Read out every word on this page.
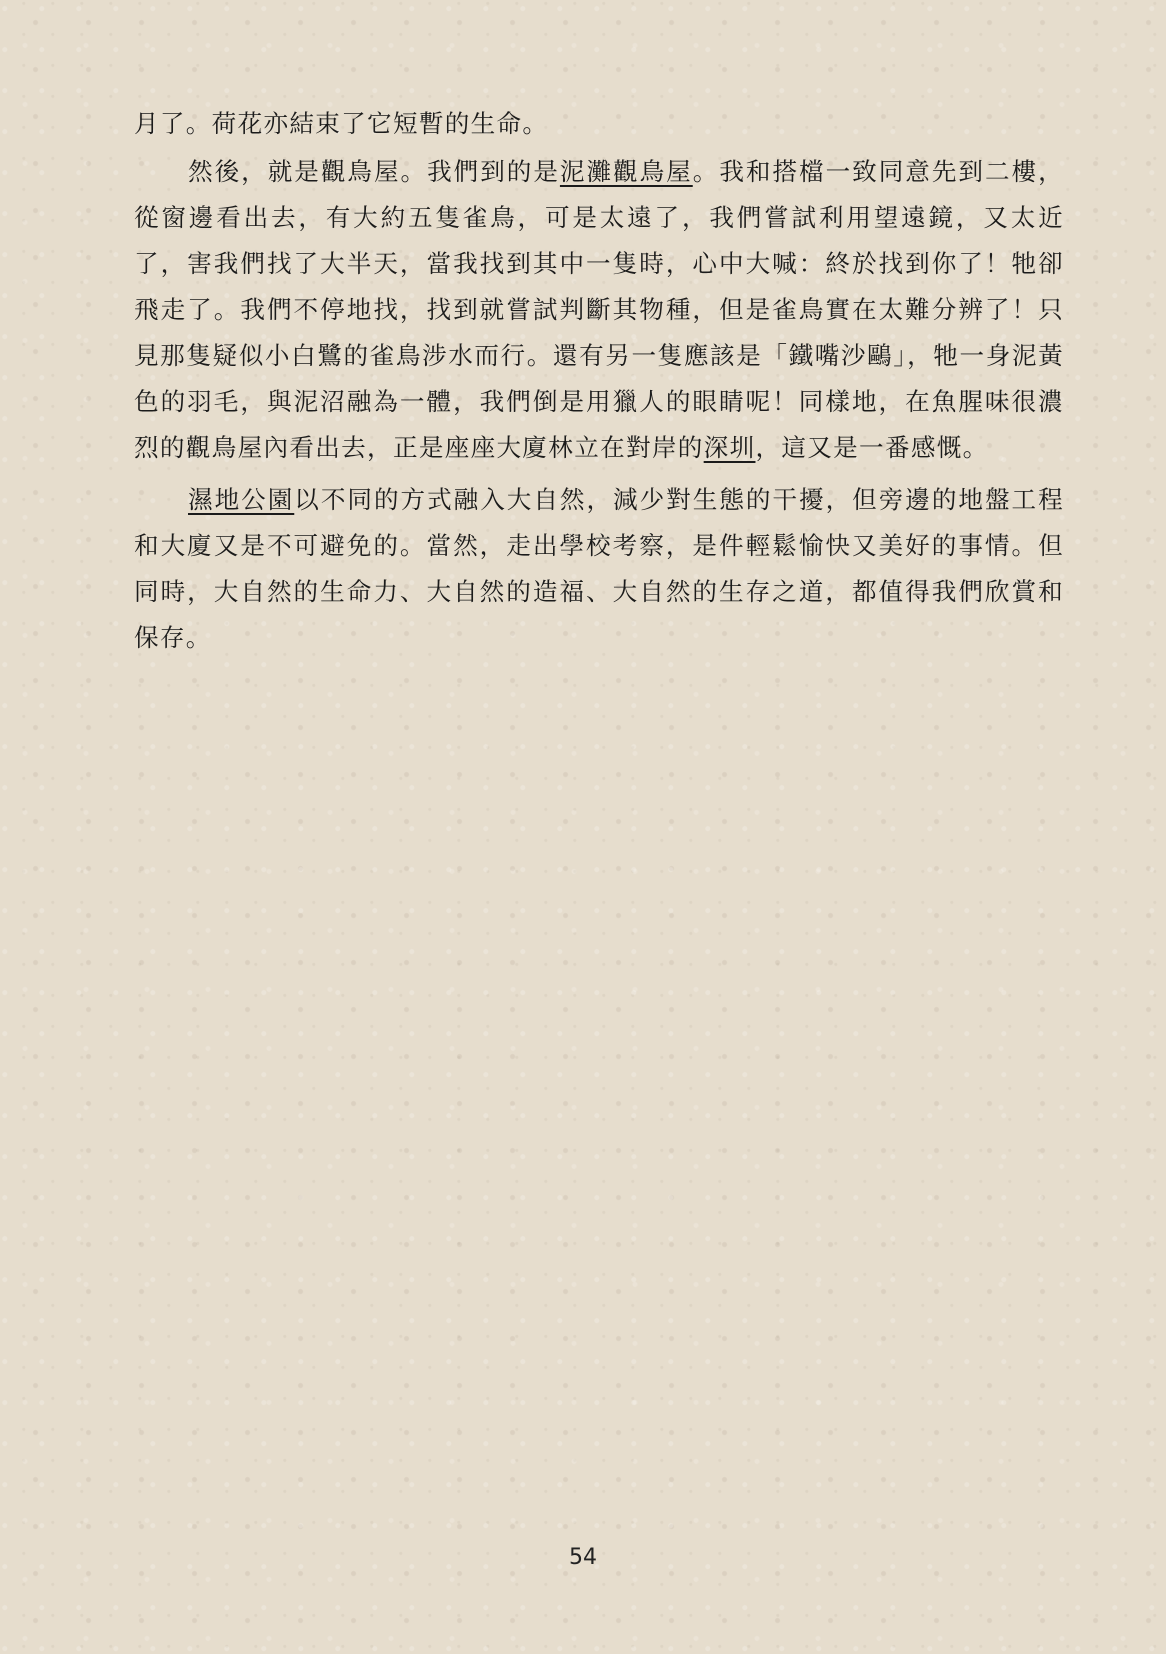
月了。荷花亦結束了它短暫的生命。

然後，就是觀鳥屋。我們到的是泥灘觀鳥屋。我和搭檔一致同意先到二樓，從窗邊看出去，有大約五隻雀鳥，可是太遠了，我們嘗試利用望遠鏡，又太近了，害我們找了大半天，當我找到其中一隻時，心中大喊：終於找到你了！牠卻飛走了。我們不停地找，找到就嘗試判斷其物種，但是雀鳥實在太難分辨了！只見那隻疑似小白鷺的雀鳥涉水而行。還有另一隻應該是「鐵嘴沙鷗」，牠一身泥黃色的羽毛，與泥沼融為一體，我們倒是用獵人的眼睛呢！同樣地，在魚腥味很濃烈的觀鳥屋內看出去，正是座座大廈林立在對岸的深圳，這又是一番感慨。

濕地公園以不同的方式融入大自然，減少對生態的干擾，但旁邊的地盤工程和大廈又是不可避免的。當然，走出學校考察，是件輕鬆愉快又美好的事情。但同時，大自然的生命力、大自然的造福、大自然的生存之道，都值得我們欣賞和保存。

54
